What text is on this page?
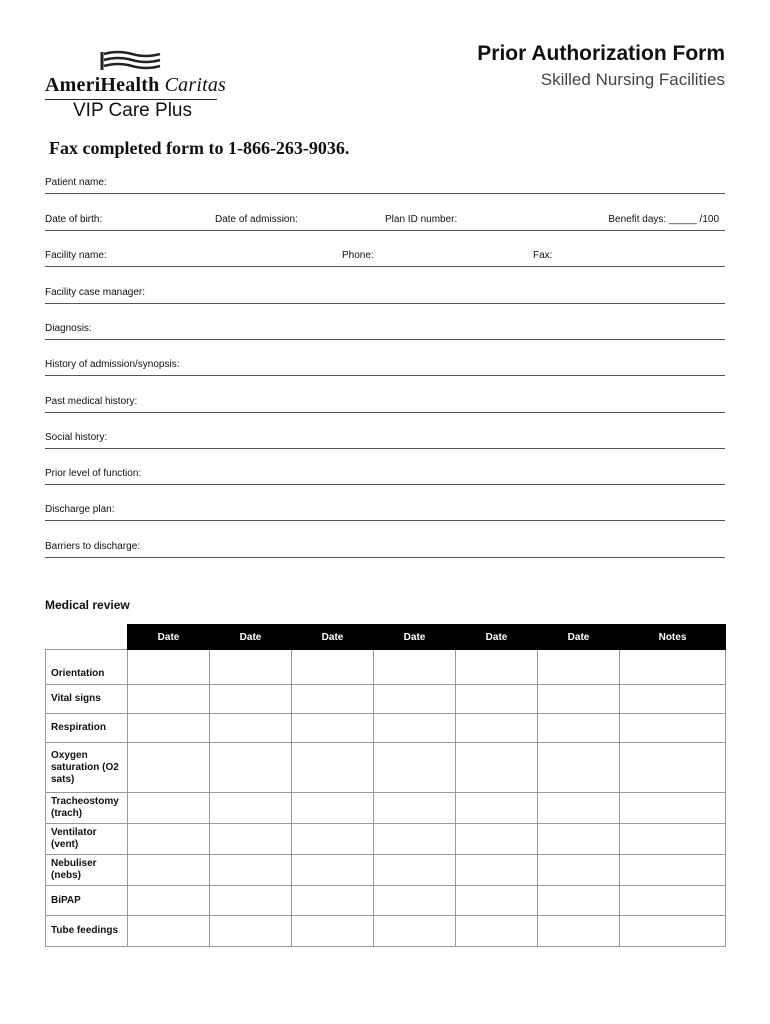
AmeriHealth Caritas
VIP Care Plus
Prior Authorization Form
Skilled Nursing Facilities
Fax completed form to 1-866-263-9036.
Patient name:
Date of birth:	Date of admission:	Plan ID number:	Benefit days: _____ /100
Facility name:	Phone:	Fax:
Facility case manager:
Diagnosis:
History of admission/synopsis:
Past medical history:
Social history:
Prior level of function:
Discharge plan:
Barriers to discharge:
Medical review
	Date	Date	Date	Date	Date	Date	Notes
Orientation							
Vital signs							
Respiration							
Oxygen saturation (O2 sats)							
Tracheostomy (trach)							
Ventilator (vent)							
Nebuliser (nebs)							
BiPAP							
Tube feedings							
